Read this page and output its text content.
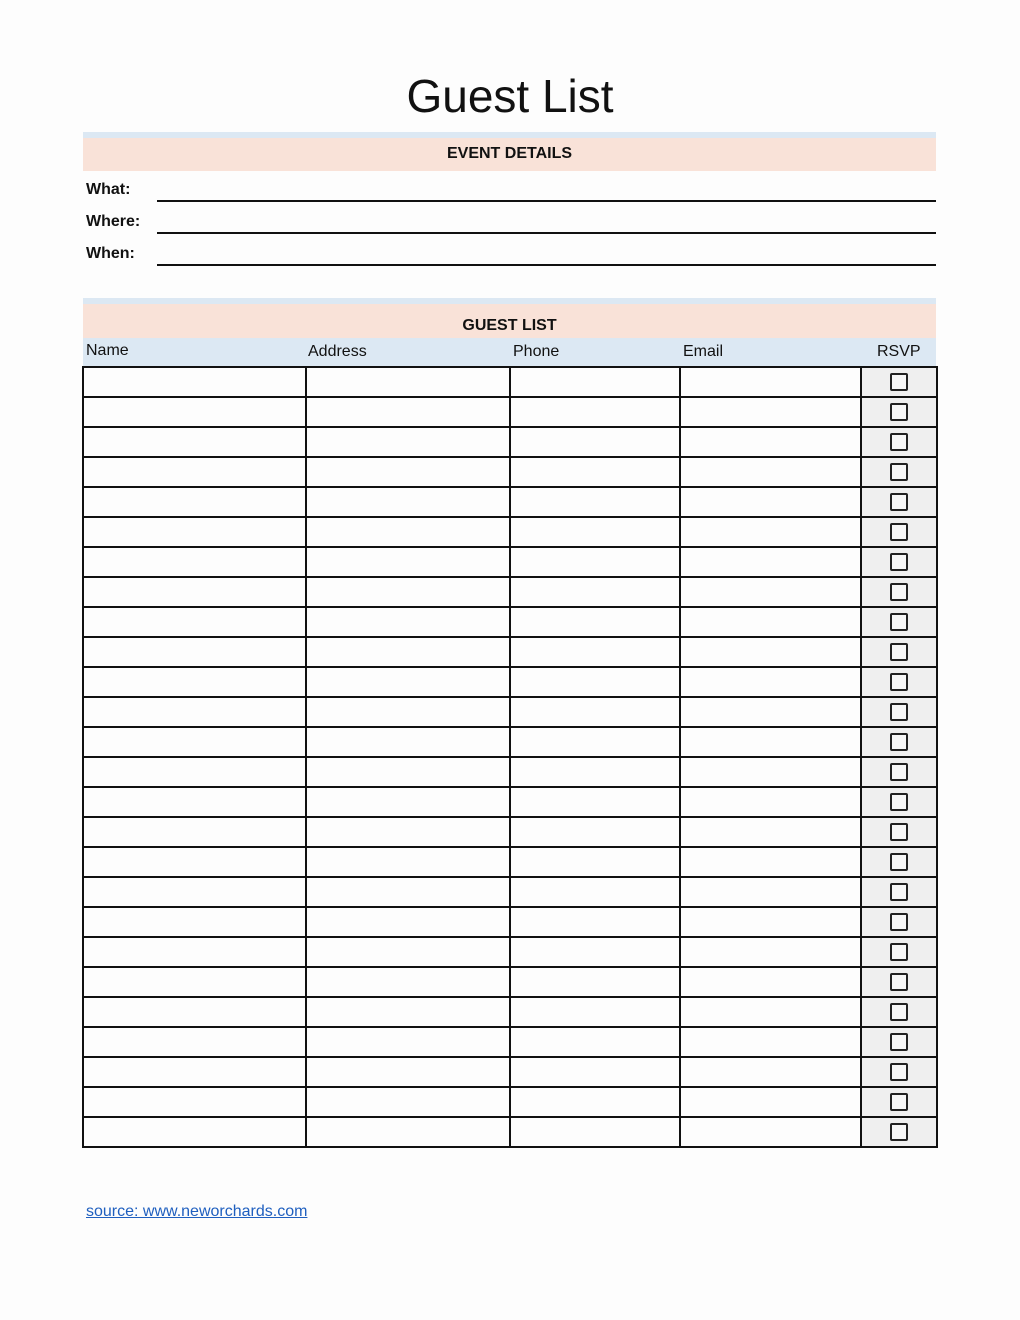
Guest List
EVENT DETAILS
What:
Where:
When:
GUEST LIST
Name	Address	Phone	Email	RSVP

source: www.neworchards.com
